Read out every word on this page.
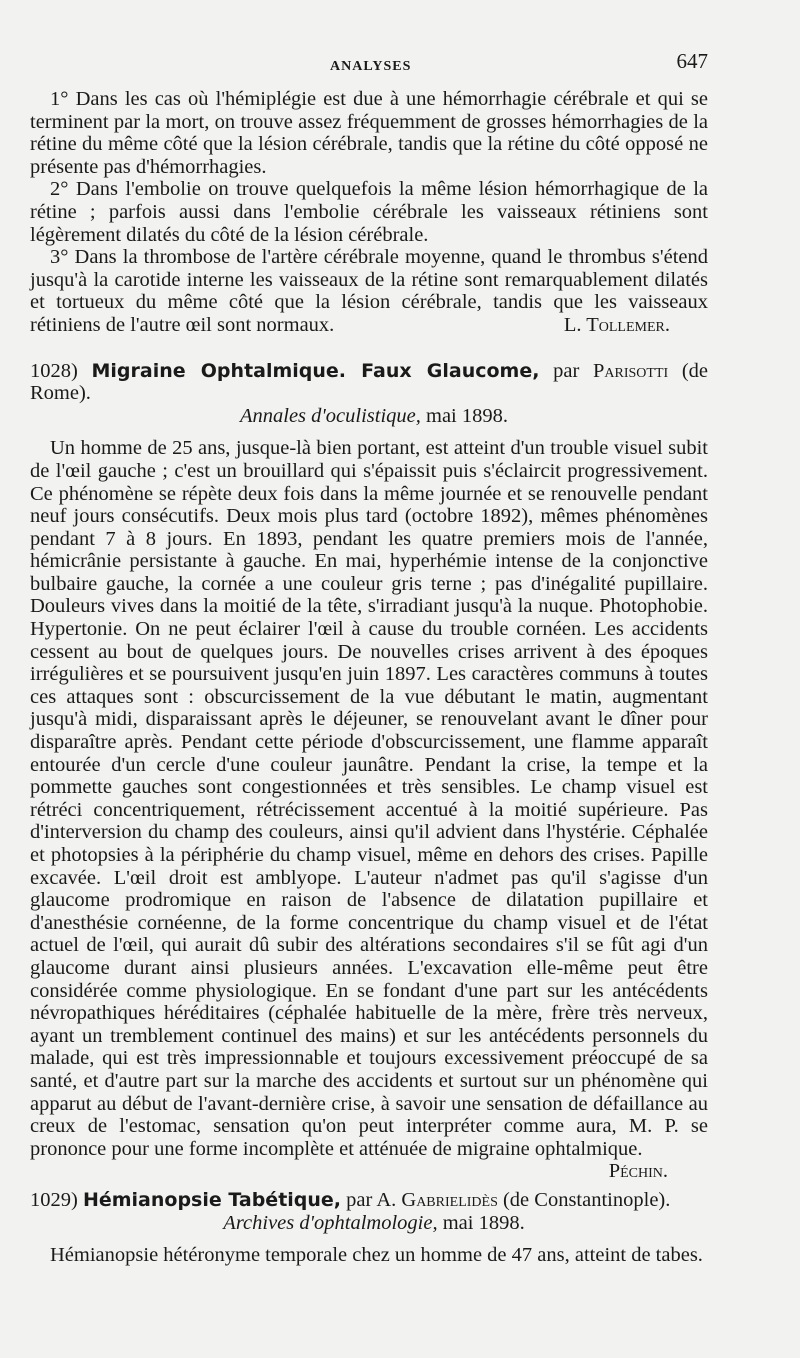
ANALYSES	647

1° Dans les cas où l'hémiplégie est due à une hémorrhagie cérébrale et qui se terminent par la mort, on trouve assez fréquemment de grosses hémorrhagies de la rétine du même côté que la lésion cérébrale, tandis que la rétine du côté opposé ne présente pas d'hémorrhagies.

2° Dans l'embolie on trouve quelquefois la même lésion hémorrhagique de la rétine ; parfois aussi dans l'embolie cérébrale les vaisseaux rétiniens sont légèrement dilatés du côté de la lésion cérébrale.

3° Dans la thrombose de l'artère cérébrale moyenne, quand le thrombus s'étend jusqu'à la carotide interne les vaisseaux de la rétine sont remarquablement dilatés et tortueux du même côté que la lésion cérébrale, tandis que les vaisseaux rétiniens de l'autre œil sont normaux.	L. Tollemer.

1028) Migraine Ophtalmique. Faux Glaucome, par Parisotti (de Rome).

Annales d'oculistique, mai 1898.

Un homme de 25 ans, jusque-là bien portant, est atteint d'un trouble visuel subit de l'œil gauche ; c'est un brouillard qui s'épaissit puis s'éclaircit progressivement. Ce phénomène se répète deux fois dans la même journée et se renouvelle pendant neuf jours consécutifs. Deux mois plus tard (octobre 1892), mêmes phénomènes pendant 7 à 8 jours. En 1893, pendant les quatre premiers mois de l'année, hémicrânie persistante à gauche. En mai, hyperhémie intense de la conjonctive bulbaire gauche, la cornée a une couleur gris terne ; pas d'inégalité pupillaire. Douleurs vives dans la moitié de la tête, s'irradiant jusqu'à la nuque. Photophobie. Hypertonie. On ne peut éclairer l'œil à cause du trouble cornéen. Les accidents cessent au bout de quelques jours. De nouvelles crises arrivent à des époques irrégulières et se poursuivent jusqu'en juin 1897. Les caractères communs à toutes ces attaques sont : obscurcissement de la vue débutant le matin, augmentant jusqu'à midi, disparaissant après le déjeuner, se renouvelant avant le dîner pour disparaître après. Pendant cette période d'obscurcissement, une flamme apparaît entourée d'un cercle d'une couleur jaunâtre. Pendant la crise, la tempe et la pommette gauches sont congestionnées et très sensibles. Le champ visuel est rétréci concentriquement, rétrécissement accentué à la moitié supérieure. Pas d'interversion du champ des couleurs, ainsi qu'il advient dans l'hystérie. Céphalée et photopsies à la périphérie du champ visuel, même en dehors des crises. Papille excavée. L'œil droit est amblyope. L'auteur n'admet pas qu'il s'agisse d'un glaucome prodromique en raison de l'absence de dilatation pupillaire et d'anesthésie cornéenne, de la forme concentrique du champ visuel et de l'état actuel de l'œil, qui aurait dû subir des altérations secondaires s'il se fût agi d'un glaucome durant ainsi plusieurs années. L'excavation elle-même peut être considérée comme physiologique. En se fondant d'une part sur les antécédents névropathiques héréditaires (céphalée habituelle de la mère, frère très nerveux, ayant un tremblement continuel des mains) et sur les antécédents personnels du malade, qui est très impressionnable et toujours excessivement préoccupé de sa santé, et d'autre part sur la marche des accidents et surtout sur un phénomène qui apparut au début de l'avant-dernière crise, à savoir une sensation de défaillance au creux de l'estomac, sensation qu'on peut interpréter comme aura, M. P. se prononce pour une forme incomplète et atténuée de migraine ophtalmique.

Péchin.

1029) Hémianopsie Tabétique, par A. Gabrielidès (de Constantinople).

Archives d'ophtalmologie, mai 1898.

Hémianopsie hétéronyme temporale chez un homme de 47 ans, atteint de tabes.
